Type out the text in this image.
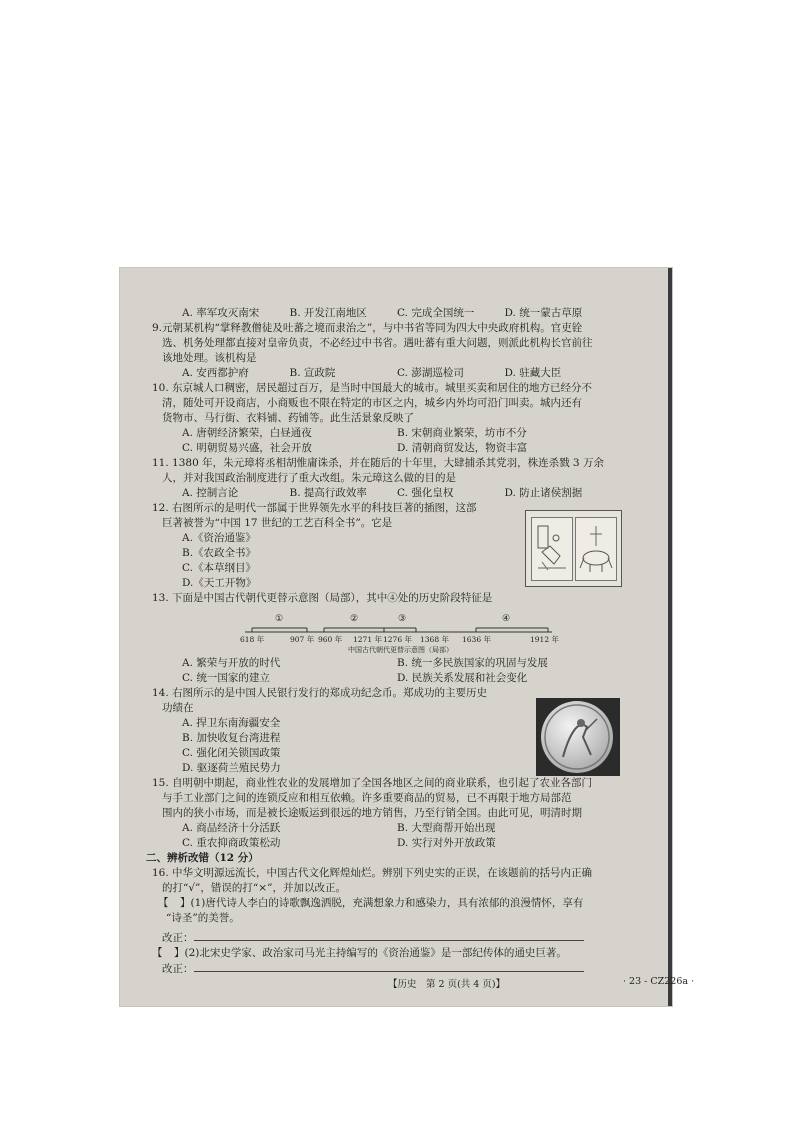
A. 率军攻灭南宋	B. 开发江南地区	C. 完成全国统一	D. 统一蒙古草原
9.元朝某机构“掌释教僧徒及吐蕃之境而隶治之”，与中书省等同为四大中央政府机构。官吏铨
选、机务处理都直接对皇帝负责，不必经过中书省。遇吐蕃有重大问题，则派此机构长官前往
该地处理。该机构是
A. 安西都护府	B. 宣政院	C. 澎湖巡检司	D. 驻藏大臣
10. 东京城人口稠密，居民超过百万，是当时中国最大的城市。城里买卖和居住的地方已经分不
清，随处可开设商店，小商贩也不限在特定的市区之内，城乡内外均可沿门叫卖。城内还有
货物市、马行街、衣料铺、药铺等。此生活景象反映了
A. 唐朝经济繁荣，白昼通夜	B. 宋朝商业繁荣，坊市不分
C. 明朝贸易兴盛，社会开放	D. 清朝商贸发达，物资丰富
11. 1380 年，朱元璋将丞相胡惟庸诛杀，并在随后的十年里，大肆捕杀其党羽，株连杀戮 3 万余
人，并对我国政治制度进行了重大改组。朱元璋这么做的目的是
A. 控制言论	B. 提高行政效率	C. 强化皇权	D. 防止诸侯割据
12. 右图所示的是明代一部属于世界领先水平的科技巨著的插图，这部
巨著被誉为“中国 17 世纪的工艺百科全书”。它是
A.《资治通鉴》
B.《农政全书》
C.《本草纲目》
D.《天工开物》
13. 下面是中国古代朝代更替示意图（局部），其中④处的历史阶段特征是
A. 繁荣与开放的时代	B. 统一多民族国家的巩固与发展
C. 统一国家的建立	D. 民族关系发展和社会变化
14. 右图所示的是中国人民银行发行的郑成功纪念币。郑成功的主要历史
功绩在
A. 捍卫东南海疆安全
B. 加快收复台湾进程
C. 强化闭关锁国政策
D. 驱逐荷兰殖民势力
15. 自明朝中期起，商业性农业的发展增加了全国各地区之间的商业联系，也引起了农业各部门
与手工业部门之间的连锁反应和相互依赖。许多重要商品的贸易，已不再限于地方局部范
围内的狭小市场，而是被长途贩运到很远的地方销售，乃至行销全国。由此可见，明清时期
A. 商品经济十分活跃	B. 大型商帮开始出现
C. 重农抑商政策松动	D. 实行对外开放政策
二、辨析改错（12 分）
16. 中华文明源远流长，中国古代文化辉煌灿烂。辨别下列史实的正误，在该题前的括号内正确
的打“√”，错误的打“×”，并加以改正。
【 】(1)唐代诗人李白的诗歌飘逸洒脱，充满想象力和感染力，具有浓郁的浪漫情怀，享有
“诗圣”的美誉。
改正：
【 】(2)北宋史学家、政治家司马光主持编写的《资治通鉴》是一部纪传体的通史巨著。
改正：
①	②	③	④
618 年	907 年 960 年 1271 年 1276 年 1368 年 1636 年	1912 年
中国古代朝代更替示意图（局部）
【历史　第 2 页(共 4 页)】	· 23 - CZ226a ·
